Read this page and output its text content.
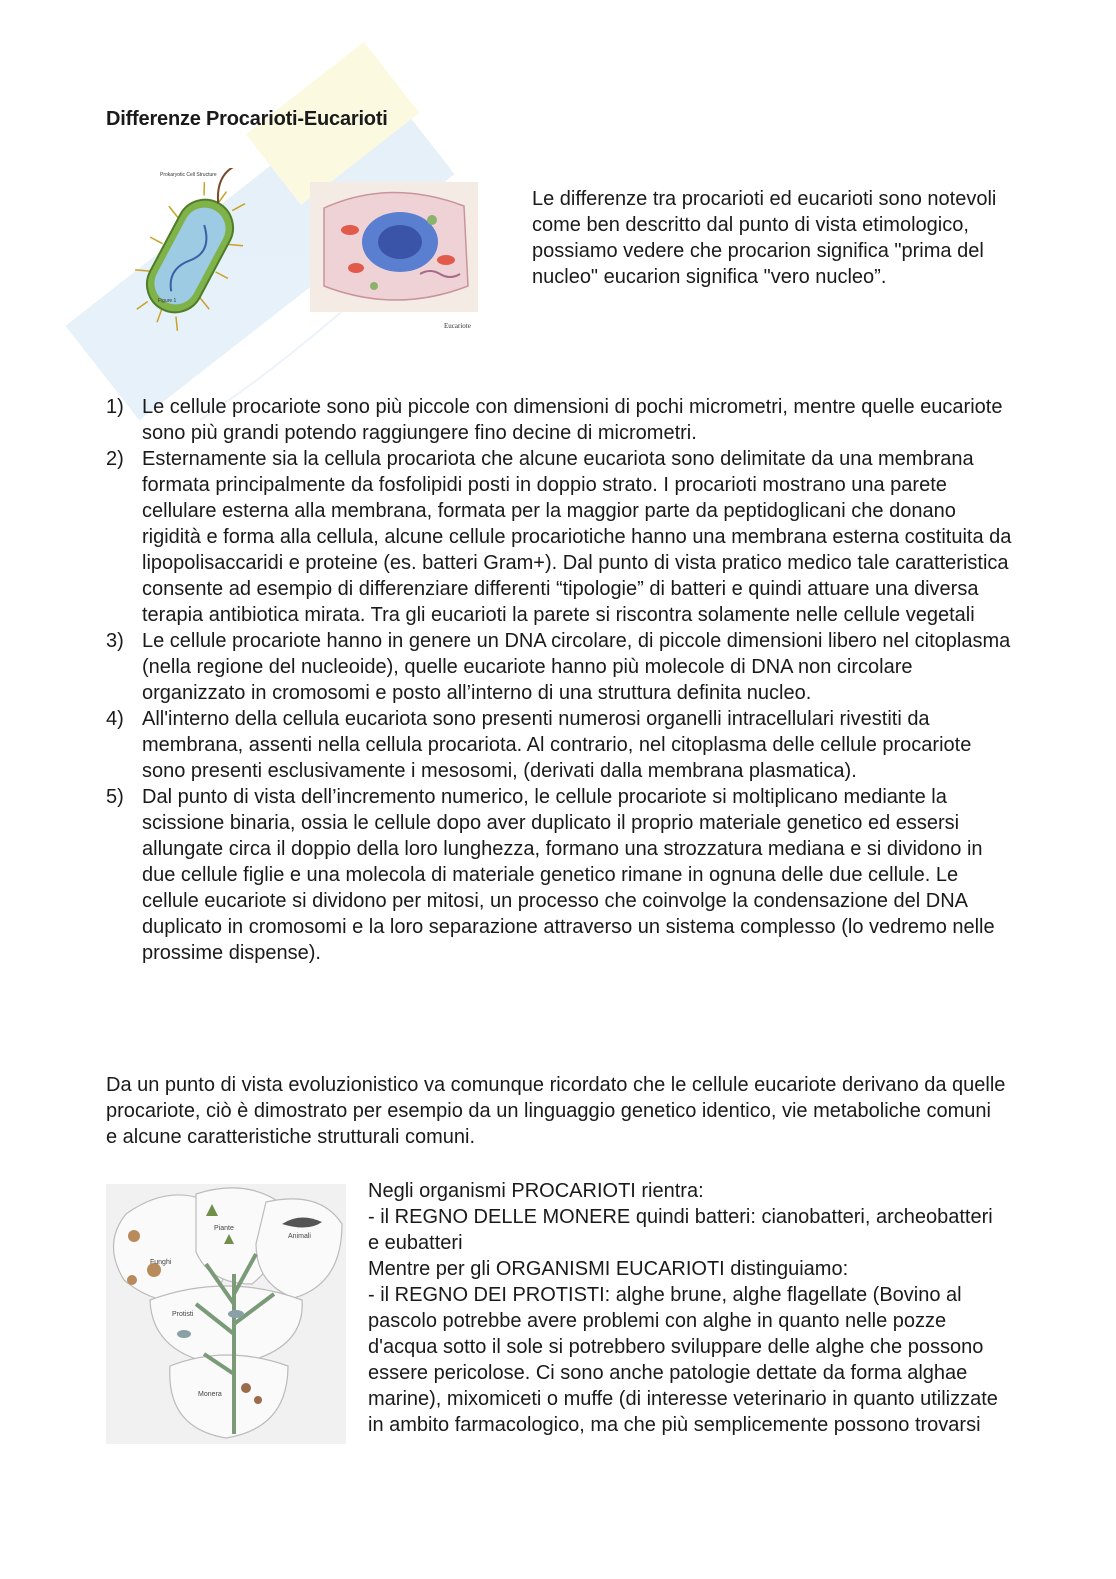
Differenze Procarioti-Eucarioti
Prokaryotic Cell Structure
Figure 1
Eucariote

Le differenze tra procarioti ed eucarioti sono notevoli come ben descritto dal punto di vista etimologico, possiamo vedere che procarion significa "prima del nucleo" eucarion significa "vero nucleo”.

1) Le cellule procariote sono più piccole con dimensioni di pochi micrometri, mentre quelle eucariote sono più grandi potendo raggiungere fino decine di micrometri.
2) Esternamente sia la cellula procariota che alcune eucariota sono delimitate da una membrana formata principalmente da fosfolipidi posti in doppio strato. I procarioti mostrano una parete cellulare esterna alla membrana, formata per la maggior parte da peptidoglicani che donano rigidità e forma alla cellula, alcune cellule procariotiche hanno una membrana esterna costituita da lipopolisaccaridi e proteine (es. batteri Gram+). Dal punto di vista pratico medico tale caratteristica consente ad esempio di differenziare differenti “tipologie” di batteri e quindi attuare una diversa terapia antibiotica mirata. Tra gli eucarioti la parete si riscontra solamente nelle cellule vegetali
3) Le cellule procariote hanno in genere un DNA circolare, di piccole dimensioni libero nel citoplasma (nella regione del nucleoide), quelle eucariote hanno più molecole di DNA non circolare organizzato in cromosomi e posto all’interno di una struttura definita nucleo.
4) All'interno della cellula eucariota sono presenti numerosi organelli intracellulari rivestiti da membrana, assenti nella cellula procariota. Al contrario, nel citoplasma delle cellule procariote sono presenti esclusivamente i mesosomi, (derivati dalla membrana plasmatica).
5) Dal punto di vista dell’incremento numerico, le cellule procariote si moltiplicano mediante la scissione binaria, ossia le cellule dopo aver duplicato il proprio materiale genetico ed essersi allungate circa il doppio della loro lunghezza, formano una strozzatura mediana e si dividono in due cellule figlie e una molecola di materiale genetico rimane in ognuna delle due cellule. Le cellule eucariote si dividono per mitosi, un processo che coinvolge la condensazione del DNA duplicato in cromosomi e la loro separazione attraverso un sistema complesso (lo vedremo nelle prossime dispense).

Da un punto di vista evoluzionistico va comunque ricordato che le cellule eucariote derivano da quelle procariote, ciò è dimostrato per esempio da un linguaggio genetico identico, vie metaboliche comuni e alcune caratteristiche strutturali comuni.

Piante
Animali
Funghi
Protisti
Monera
Negli organismi PROCARIOTI rientra:
- il REGNO DELLE MONERE quindi batteri: cianobatteri, archeobatteri e eubatteri
Mentre per gli ORGANISMI EUCARIOTI distinguiamo:
- il REGNO DEI PROTISTI: alghe brune, alghe flagellate (Bovino al pascolo potrebbe avere problemi con alghe in quanto nelle pozze d'acqua sotto il sole si potrebbero sviluppare delle alghe che possono essere pericolose. Ci sono anche patologie dettate da forma alghae marine), mixomiceti o muffe (di interesse veterinario in quanto utilizzate in ambito farmacologico, ma che più semplicemente possono trovarsi
